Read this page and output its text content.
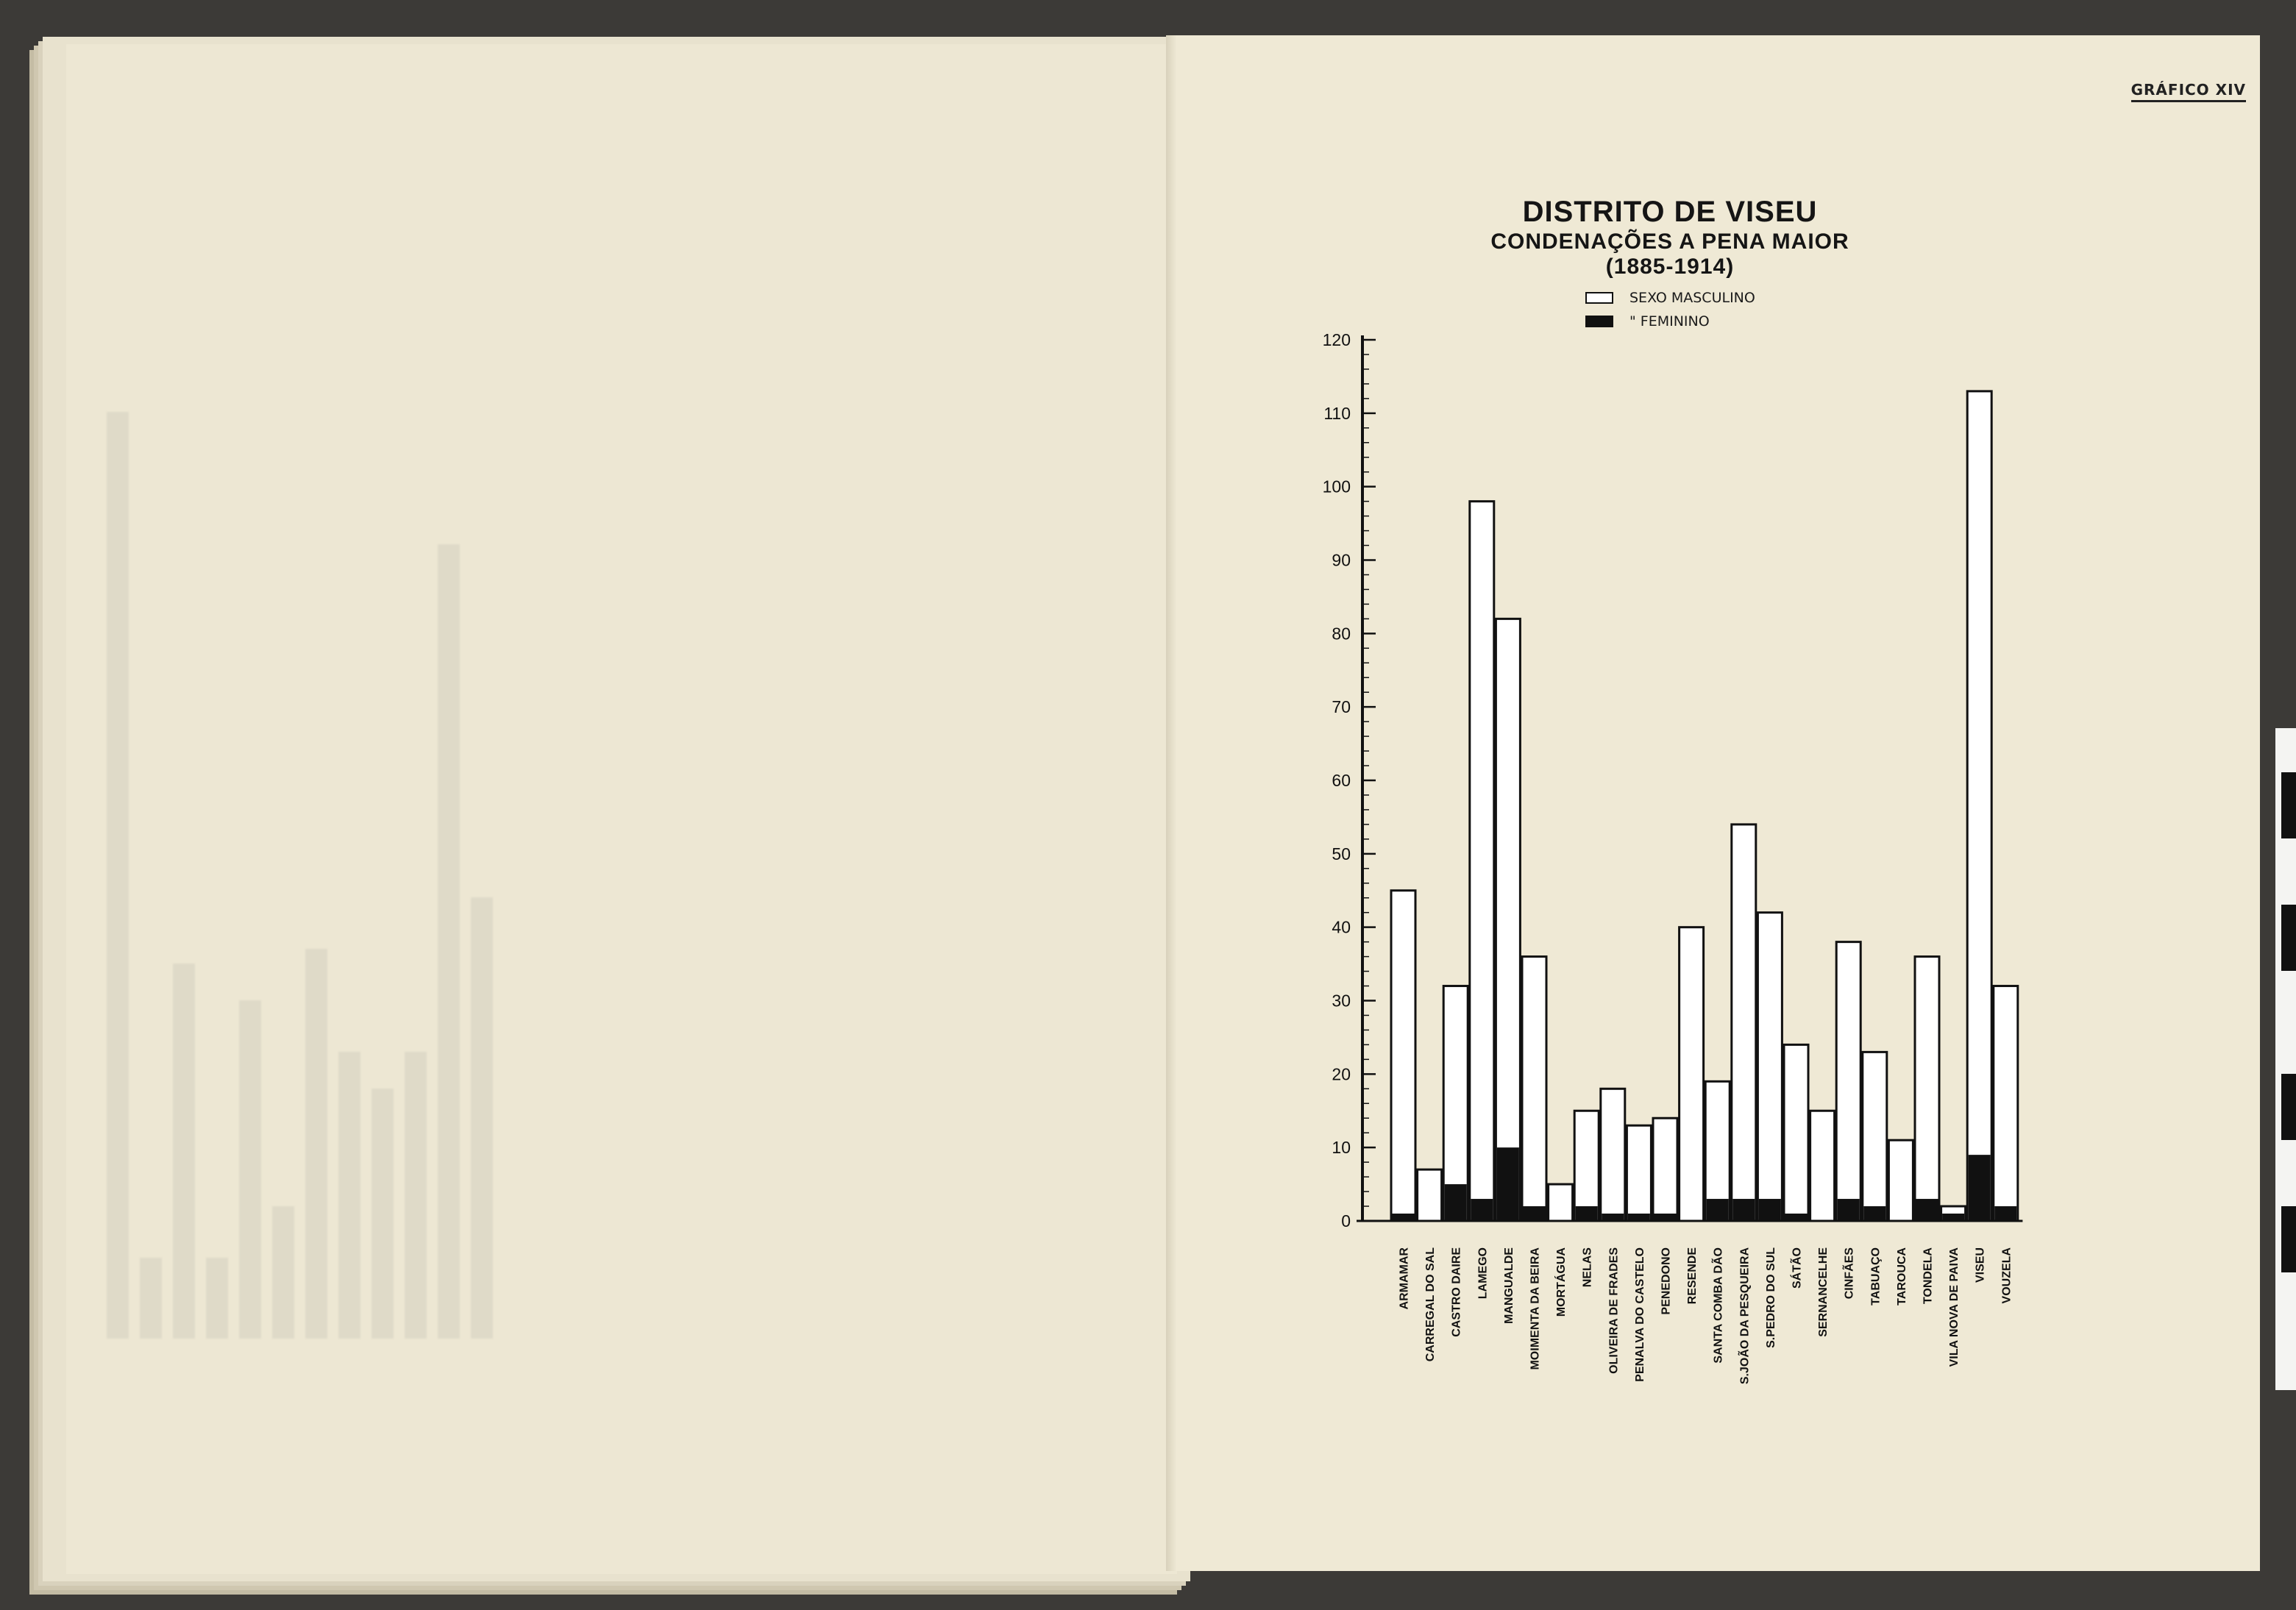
GRÁFICO XIV
DISTRITO DE VISEU
CONDENAÇÕES A PENA MAIOR (1885-1914)
SEXO MASCULINO
" FEMININO
0
10
20
30
40
50
60
70
80
90
100
110
120
ARMAMAR CARREGAL DO SAL CASTRO DAIRE LAMEGO MANGUALDE MOIMENTA DA BEIRA MORTÁGUA NELAS OLIVEIRA DE FRADES PENALVA DO CASTELO PENEDONO RESENDE SANTA COMBA DÃO S.JOÃO DA PESQUEIRA S.PEDRO DO SUL SÁTÃO SERNANCELHE CINFÃES TABUAÇO TAROUCA TONDELA VILA NOVA DE PAIVA VISEU VOUZELA
